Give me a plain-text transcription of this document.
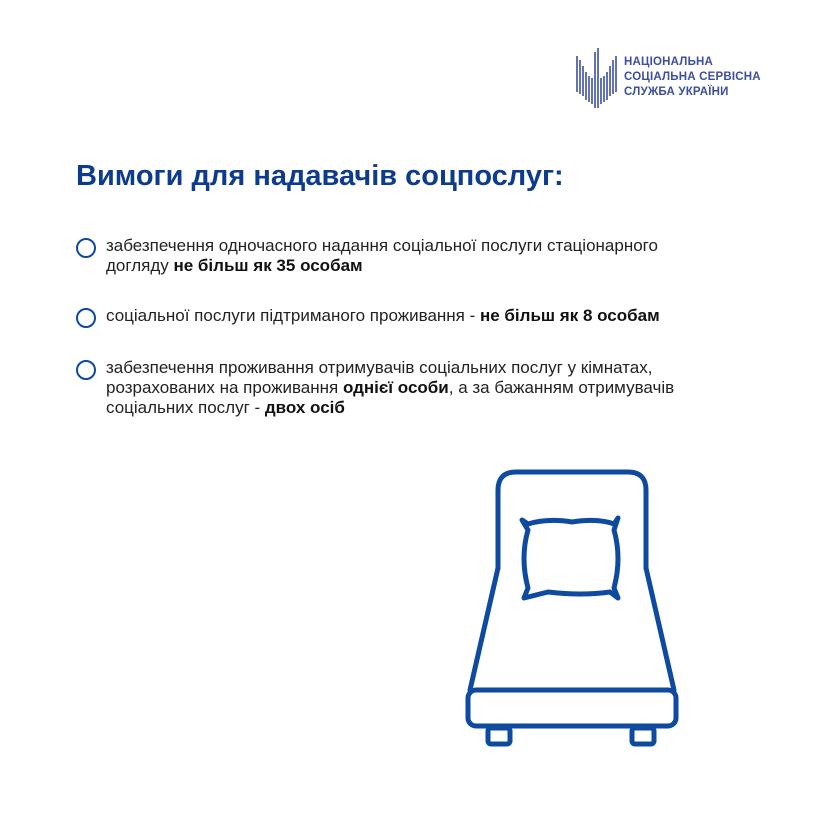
НАЦІОНАЛЬНА
СОЦІАЛЬНА СЕРВІСНА
СЛУЖБА УКРАЇНИ
Вимоги для надавачів соцпослуг:
забезпечення одночасного надання соціальної послуги стаціонарного догляду не більш як 35 особам
соціальної послуги підтриманого проживання - не більш як 8 особам
забезпечення проживання отримувачів соціальних послуг у кімнатах, розрахованих на проживання однієї особи, а за бажанням отримувачів соціальних послуг - двох осіб
